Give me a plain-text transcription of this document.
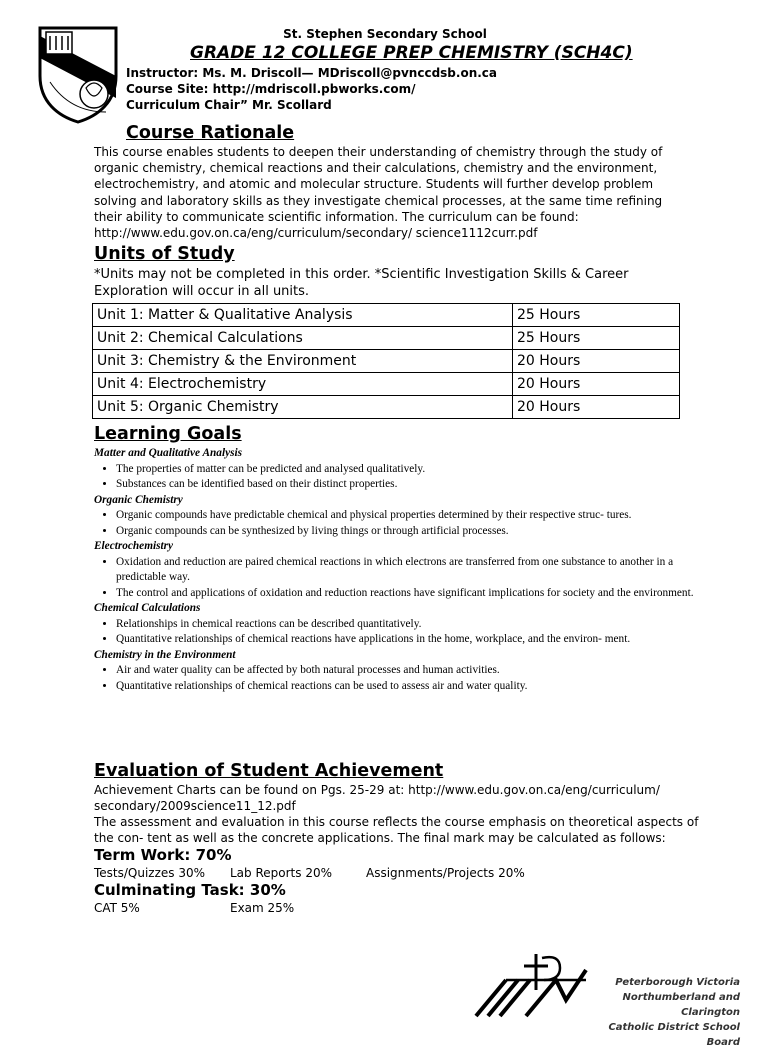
St. Stephen Secondary School
GRADE 12 COLLEGE PREP CHEMISTRY (SCH4C)
Instructor: Ms. M. Driscoll— MDriscoll@pvnccdsb.on.ca
Course Site: http://mdriscoll.pbworks.com/
Curriculum Chair” Mr. Scollard
Course Rationale
This course enables students to deepen their understanding of chemistry through the study of organic chemistry, chemical reactions and their calculations, chemistry and the environment, electrochemistry, and atomic and molecular structure. Students will further develop problem solving and laboratory skills as they investigate chemical processes, at the same time refining their ability to communicate scientific information. The curriculum can be found: http://www.edu.gov.on.ca/eng/curriculum/secondary/ science1112curr.pdf
Units of Study
*Units may not be completed in this order. *Scientific Investigation Skills & Career Exploration will occur in all units.
Unit 1: Matter & Qualitative Analysis	25 Hours
Unit 2: Chemical Calculations	25 Hours
Unit 3: Chemistry & the Environment	20 Hours
Unit 4: Electrochemistry	20 Hours
Unit 5: Organic Chemistry	20 Hours
Learning Goals
Matter and Qualitative Analysis
• The properties of matter can be predicted and analysed qualitatively.
• Substances can be identified based on their distinct properties.
Organic Chemistry
• Organic compounds have predictable chemical and physical properties determined by their respective struc- tures.
• Organic compounds can be synthesized by living things or through artificial processes.
Electrochemistry
• Oxidation and reduction are paired chemical reactions in which electrons are transferred from one substance to another in a predictable way.
• The control and applications of oxidation and reduction reactions have significant implications for society and the environment.
Chemical Calculations
• Relationships in chemical reactions can be described quantitatively.
• Quantitative relationships of chemical reactions have applications in the home, workplace, and the environ- ment.
Chemistry in the Environment
• Air and water quality can be affected by both natural processes and human activities.
• Quantitative relationships of chemical reactions can be used to assess air and water quality.
Evaluation of Student Achievement
Achievement Charts can be found on Pgs. 25-29 at: http://www.edu.gov.on.ca/eng/curriculum/ secondary/2009science11_12.pdf
The assessment and evaluation in this course reflects the course emphasis on theoretical aspects of the con- tent as well as the concrete applications. The final mark may be calculated as follows:
Term Work: 70%
Tests/Quizzes 30%	Lab Reports 20%	Assignments/Projects 20%
Culminating Task: 30%
CAT 5%	Exam 25%
Peterborough Victoria
Northumberland and Clarington
Catholic District School Board
